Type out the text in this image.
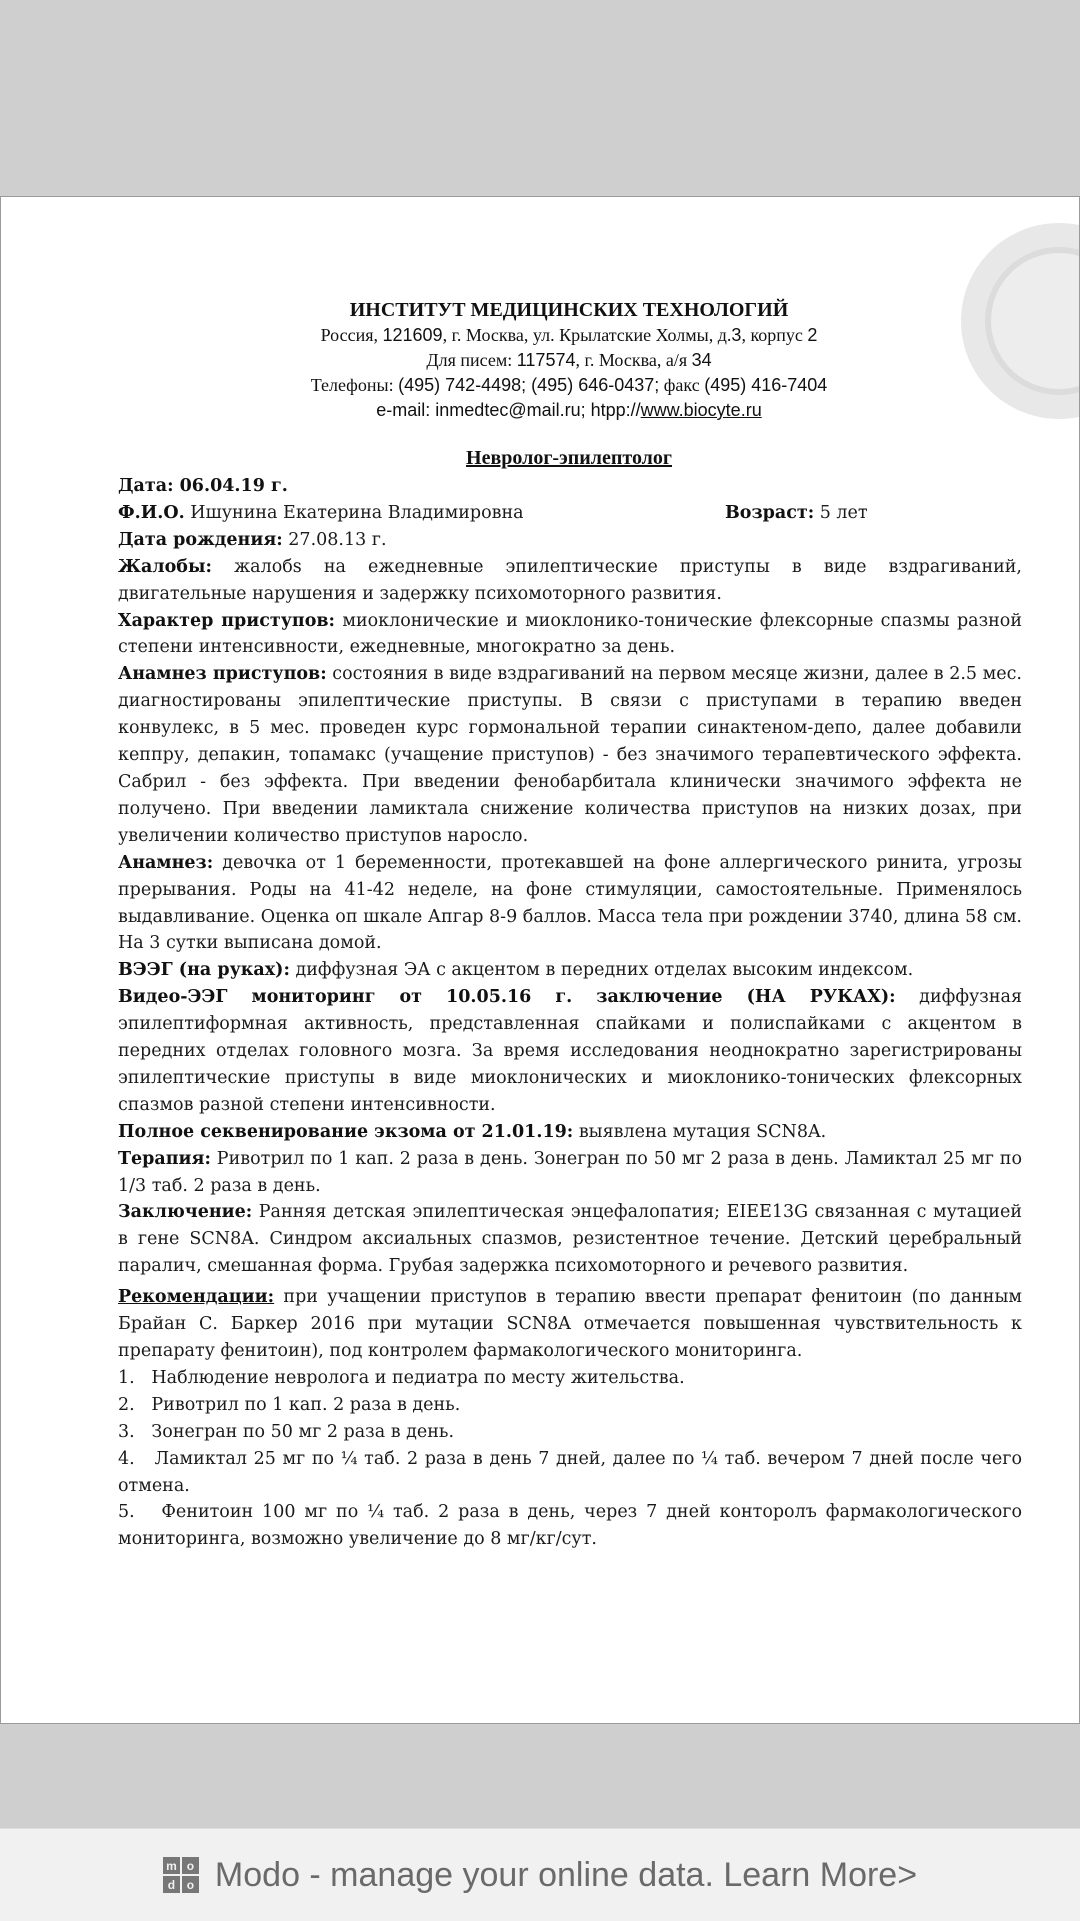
ИНСТИТУТ МЕДИЦИНСКИХ ТЕХНОЛОГИЙ
Россия, 121609, г. Москва, ул. Крылатские Холмы, д.3, корпус 2
Для писем: 117574, г. Москва, а/я 34
Телефоны: (495) 742-4498; (495) 646-0437; факс (495) 416-7404
e-mail: inmedtec@mail.ru; htpp://www.biocyte.ru
Невролог-эпилептолог

Дата: 06.04.19 г.

Ф.И.О. Ишунина Екатерина Владимировна	Возраст: 5 лет

Дата рождения: 27.08.13 г.

Жалобы: жалобs на ежедневные эпилептические приступы в виде вздрагиваний, двигательные нарушения и задержку психомоторного развития.

Характер приступов: миоклонические и миоклонико-тонические флексорные спазмы разной степени интенсивности, ежедневные, многократно за день.

Анамнез приступов: состояния в виде вздрагиваний на первом месяце жизни, далее в 2.5 мес. диагностированы эпилептические приступы. В связи с приступами в терапию введен конвулекс, в 5 мес. проведен курс гормональной терапии синактеном-депо, далее добавили кеппру, депакин, топамакс (учащение приступов) - без значимого терапевтического эффекта. Сабрил - без эффекта. При введении фенобарбитала клинически значимого эффекта не получено. При введении ламиктала снижение количества приступов на низких дозах, при увеличении количество приступов наросло.

Анамнез: девочка от 1 беременности, протекавшей на фоне аллергического ринита, угрозы прерывания. Роды на 41-42 неделе, на фоне стимуляции, самостоятельные. Применялось выдавливание. Оценка оп шкале Апгар 8-9 баллов. Масса тела при рождении 3740, длина 58 см. На 3 сутки выписана домой.

ВЭЭГ (на руках): диффузная ЭА с акцентом в передних отделах высоким индексом.

Видео-ЭЭГ мониторинг от 10.05.16 г. заключение (НА РУКАХ): диффузная эпилептиформная активность, представленная спайками и полиспайками с акцентом в передних отделах головного мозга. За время исследования неоднократно зарегистрированы эпилептические приступы в виде миоклонических и миоклонико-тонических флексорных спазмов разной степени интенсивности.

Полное секвенирование экзома от 21.01.19: выявлена мутация SCN8A.

Терапия: Ривотрил по 1 кап. 2 раза в день. Зонегран по 50 мг 2 раза в день. Ламиктал 25 мг по 1/3 таб. 2 раза в день.

Заключение: Ранняя детская эпилептическая энцефалопатия; EIEE13G связанная с мутацией в гене SCN8A. Синдром аксиальных спазмов, резистентное течение. Детский церебральный паралич, смешанная форма. Грубая задержка психомоторного и речевого развития.

Рекомендации: при учащении приступов в терапию ввести препарат фенитоин (по данным Брайан С. Баркер 2016 при мутации SCN8A отмечается повышенная чувствительность к препарату фенитоин), под контролем фармакологического мониторинга.

1. Наблюдение невролога и педиатра по месту жительства.

2. Ривотрил по 1 кап. 2 раза в день.

3. Зонегран по 50 мг 2 раза в день.

4. Ламиктал 25 мг по ¼ таб. 2 раза в день 7 дней, далее по ¼ таб. вечером 7 дней после чего отмена.

5. Фенитоин 100 мг по ¼ таб. 2 раза в день, через 7 дней конторолъ фармакологического мониторинга, возможно увеличение до 8 мг/кг/сут.

m o
d o Modo - manage your online data. Learn More>
